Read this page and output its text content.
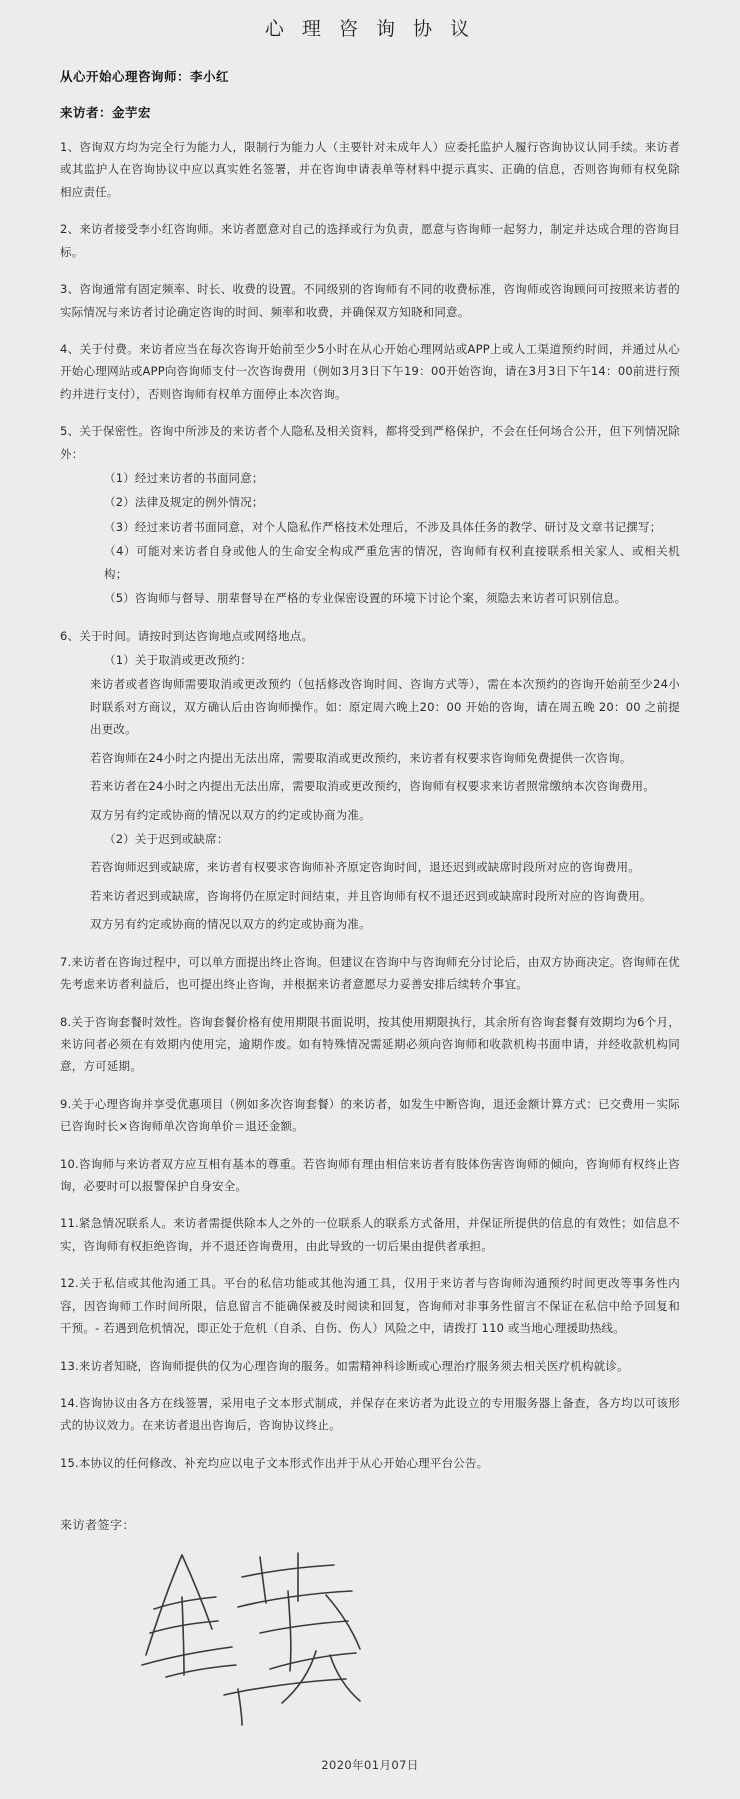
心 理 咨 询 协 议
从心开始心理咨询师：李小红
来访者：金芋宏

1、咨询双方均为完全行为能力人，限制行为能力人（主要针对未成年人）应委托监护人履行咨询协议认同手续。来访者或其监护人在咨询协议中应以真实姓名签署，并在咨询申请表单等材料中提示真实、正确的信息，否则咨询师有权免除相应责任。

2、来访者接受李小红咨询师。来访者愿意对自己的选择或行为负责，愿意与咨询师一起努力，制定并达成合理的咨询目标。

3、咨询通常有固定频率、时长、收费的设置。不同级别的咨询师有不同的收费标准，咨询师或咨询顾问可按照来访者的实际情况与来访者讨论确定咨询的时间、频率和收费，并确保双方知晓和同意。

4、关于付费。来访者应当在每次咨询开始前至少5小时在从心开始心理网站或APP上或人工渠道预约时间，并通过从心开始心理网站或APP向咨询师支付一次咨询费用（例如3月3日下午19：00开始咨询，请在3月3日下午14：00前进行预约并进行支付），否则咨询师有权单方面停止本次咨询。

5、关于保密性。咨询中所涉及的来访者个人隐私及相关资料，都将受到严格保护，不会在任何场合公开，但下列情况除外：

（1）经过来访者的书面同意；

（2）法律及规定的例外情况；

（3）经过来访者书面同意，对个人隐私作严格技术处理后，不涉及具体任务的教学、研讨及文章书记撰写；

（4）可能对来访者自身或他人的生命安全构成严重危害的情况，咨询师有权利直接联系相关家人、或相关机构；

（5）咨询师与督导、朋辈督导在严格的专业保密设置的环境下讨论个案，须隐去来访者可识别信息。

6、关于时间。请按时到达咨询地点或网络地点。

（1）关于取消或更改预约：

来访者或者咨询师需要取消或更改预约（包括修改咨询时间、咨询方式等），需在本次预约的咨询开始前至少24小时联系对方商议，双方确认后由咨询师操作。如：原定周六晚上20：00 开始的咨询，请在周五晚 20：00 之前提出更改。

若咨询师在24小时之内提出无法出席，需要取消或更改预约，来访者有权要求咨询师免费提供一次咨询。

若来访者在24小时之内提出无法出席，需要取消或更改预约，咨询师有权要求来访者照常缴纳本次咨询费用。

双方另有约定或协商的情况以双方的约定或协商为准。

（2）关于迟到或缺席：

若咨询师迟到或缺席，来访者有权要求咨询师补齐原定咨询时间，退还迟到或缺席时段所对应的咨询费用。

若来访者迟到或缺席，咨询将仍在原定时间结束，并且咨询师有权不退还迟到或缺席时段所对应的咨询费用。

双方另有约定或协商的情况以双方的约定或协商为准。

7.来访者在咨询过程中，可以单方面提出终止咨询。但建议在咨询中与咨询师充分讨论后，由双方协商决定。咨询师在优先考虑来访者利益后，也可提出终止咨询，并根据来访者意愿尽力妥善安排后续转介事宜。

8.关于咨询套餐时效性。咨询套餐价格有使用期限书面说明，按其使用期限执行，其余所有咨询套餐有效期均为6个月，来访问者必须在有效期内使用完，逾期作废。如有特殊情况需延期必须向咨询师和收款机构书面申请，并经收款机构同意，方可延期。

9.关于心理咨询并享受优惠项目（例如多次咨询套餐）的来访者，如发生中断咨询，退还金额计算方式：已交费用－实际已咨询时长×咨询师单次咨询单价＝退还金额。

10.咨询师与来访者双方应互相有基本的尊重。若咨询师有理由相信来访者有肢体伤害咨询师的倾向，咨询师有权终止咨询，必要时可以报警保护自身安全。

11.紧急情况联系人。来访者需提供除本人之外的一位联系人的联系方式备用，并保证所提供的信息的有效性；如信息不实，咨询师有权拒绝咨询，并不退还咨询费用，由此导致的一切后果由提供者承担。

12.关于私信或其他沟通工具。平台的私信功能或其他沟通工具，仅用于来访者与咨询师沟通预约时间更改等事务性内容，因咨询师工作时间所限，信息留言不能确保被及时阅读和回复，咨询师对非事务性留言不保证在私信中给予回复和干预。- 若遇到危机情况，即正处于危机（自杀、自伤、伤人）风险之中，请拨打 110 或当地心理援助热线。

13.来访者知晓，咨询师提供的仅为心理咨询的服务。如需精神科诊断或心理治疗服务须去相关医疗机构就诊。

14.咨询协议由各方在线签署，采用电子文本形式制成，并保存在来访者为此设立的专用服务器上备查，各方均以可该形式的协议效力。在来访者退出咨询后，咨询协议终止。

15.本协议的任何修改、补充均应以电子文本形式作出并于从心开始心理平台公告。

来访者签字：
2020年01月07日
